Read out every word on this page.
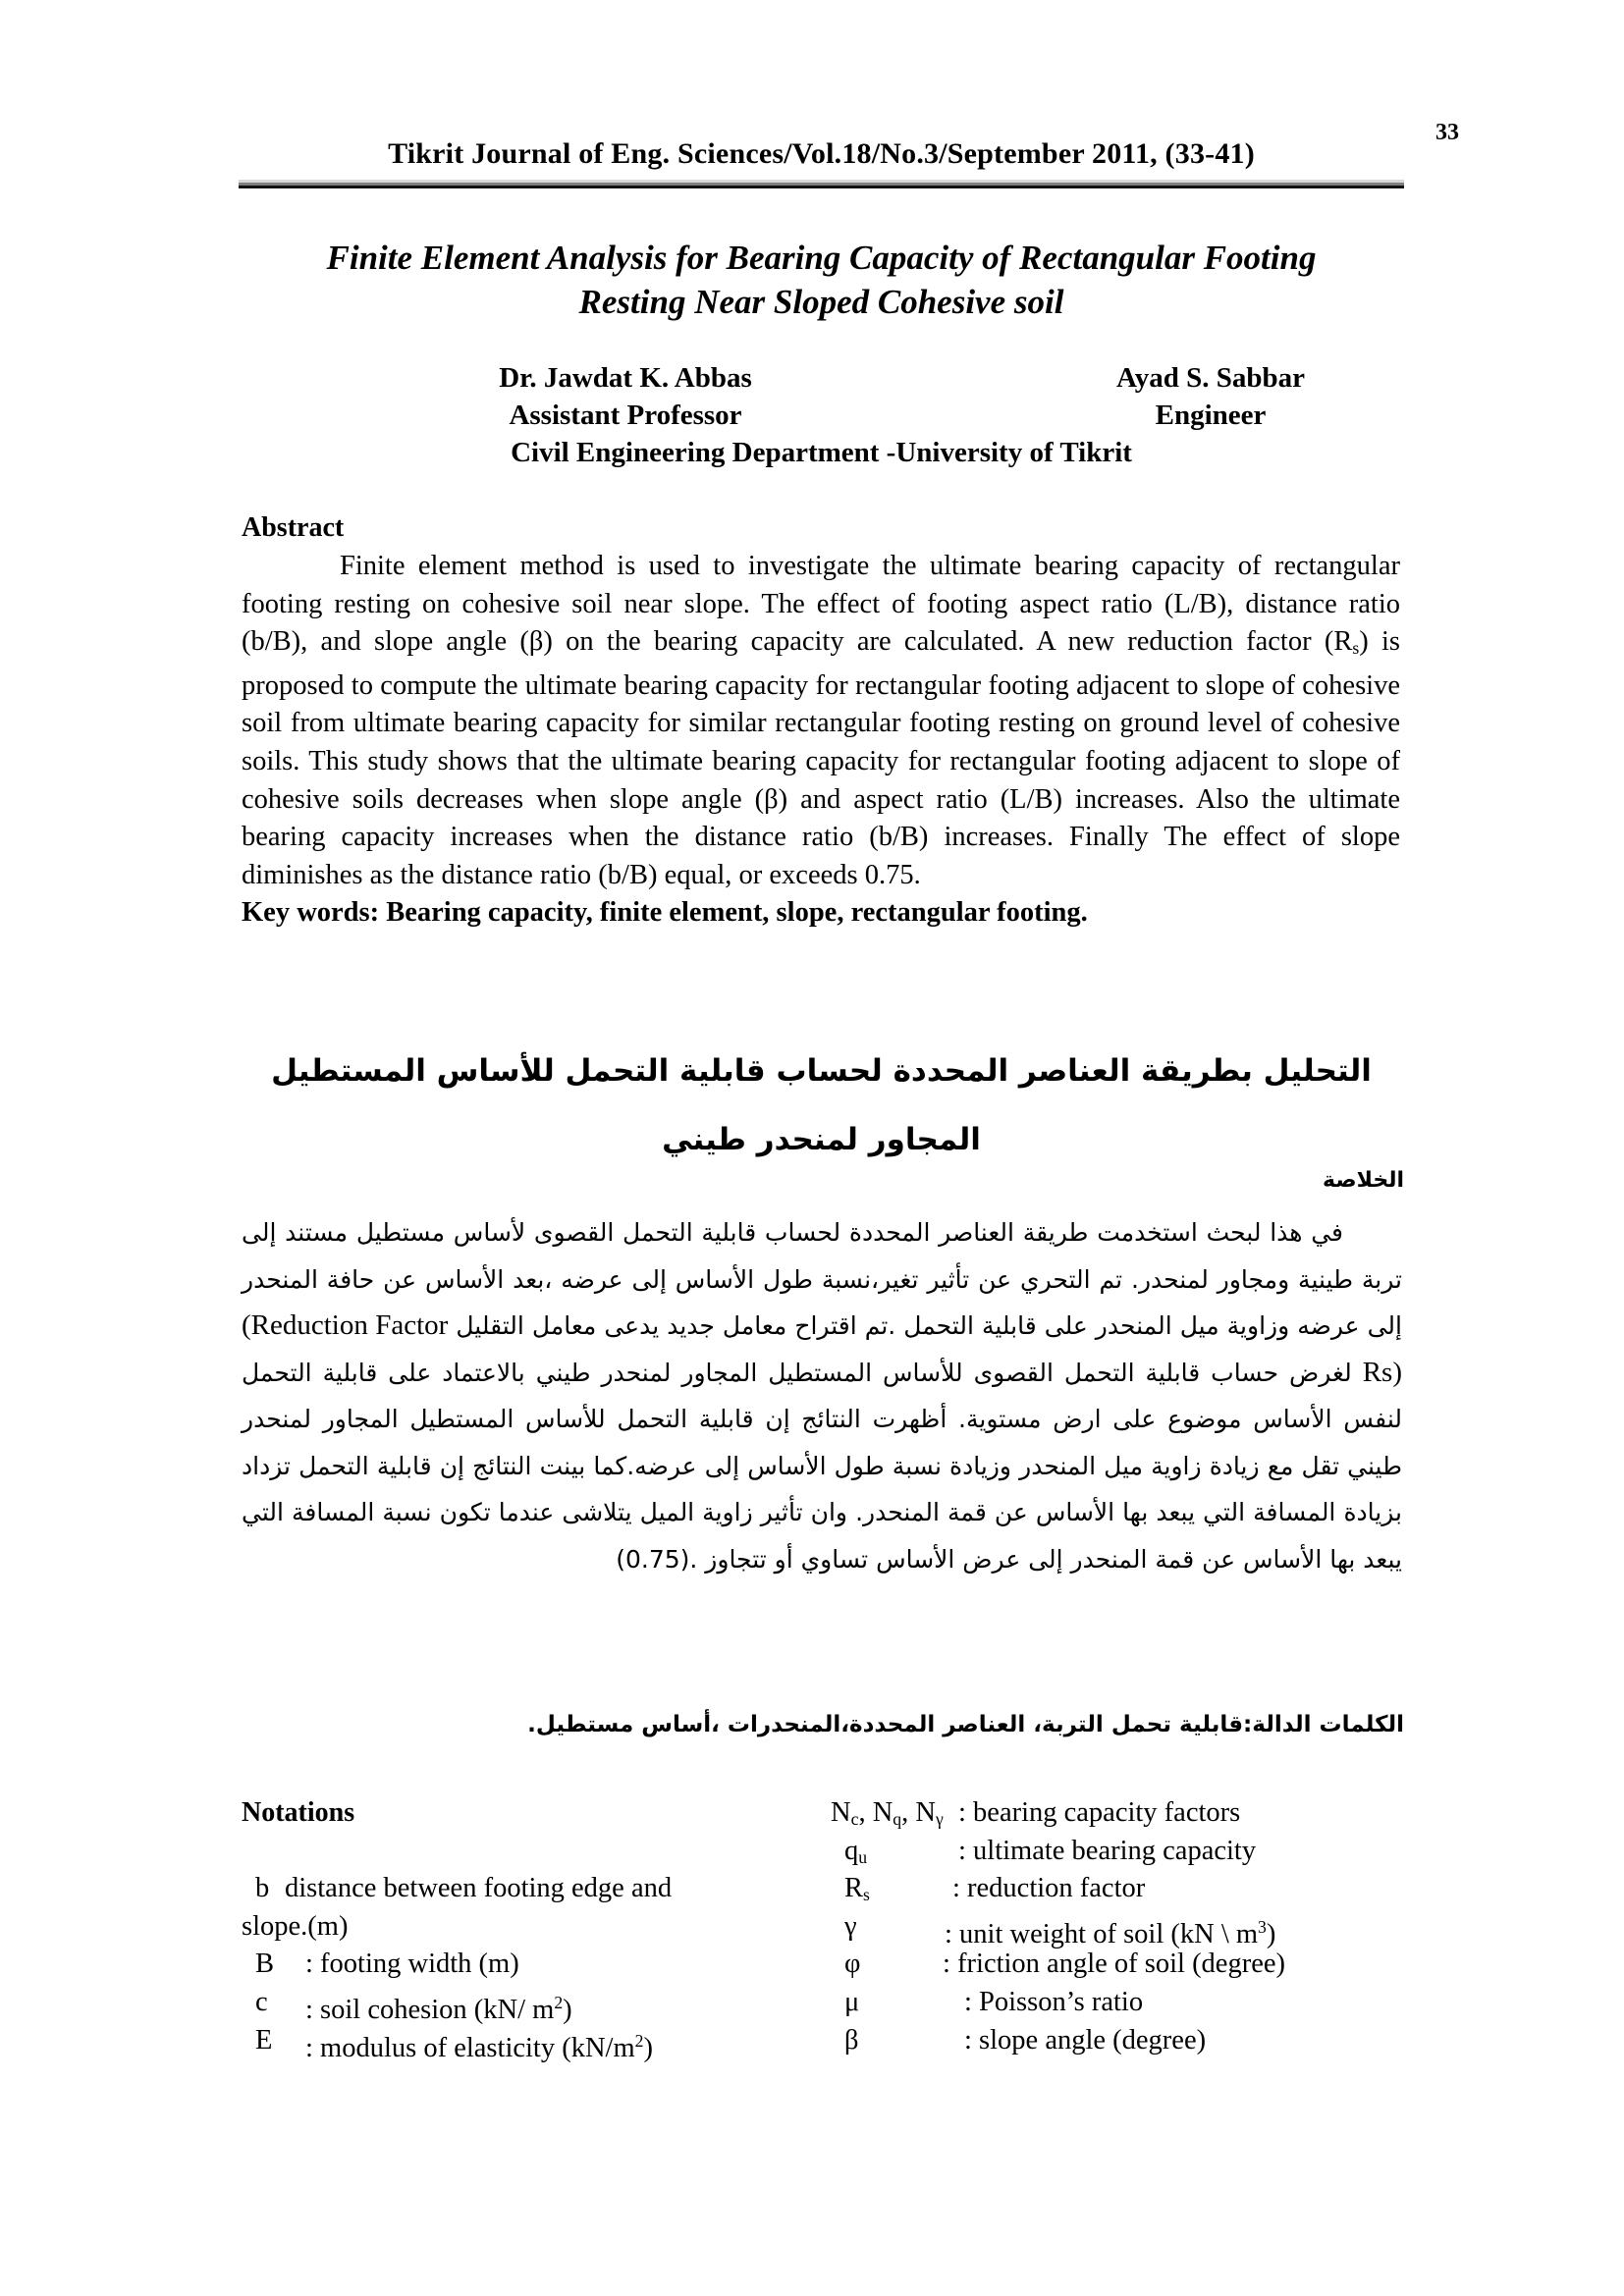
33
Tikrit Journal of Eng. Sciences/Vol.18/No.3/September 2011, (33-41)
Finite Element Analysis for Bearing Capacity of Rectangular Footing
Resting Near Sloped Cohesive soil
Dr. Jawdat K. Abbas	Ayad S. Sabbar
Assistant Professor	Engineer
Civil Engineering Department -University of Tikrit
Abstract

Finite element method is used to investigate the ultimate bearing capacity of rectangular footing resting on cohesive soil near slope. The effect of footing aspect ratio (L/B), distance ratio (b/B), and slope angle (β) on the bearing capacity are calculated. A new reduction factor $(R_s)$ is proposed to compute the ultimate bearing capacity for rectangular footing adjacent to slope of cohesive soil from ultimate bearing capacity for similar rectangular footing resting on ground level of cohesive soils. This study shows that the ultimate bearing capacity for rectangular footing adjacent to slope of cohesive soils decreases when slope angle (β) and aspect ratio (L/B) increases. Also the ultimate bearing capacity increases when the distance ratio (b/B) increases. Finally The effect of slope diminishes as the distance ratio (b/B) equal, or exceeds 0.75.

Key words: Bearing capacity, finite element, slope, rectangular footing.
التحليل بطريقة العناصر المحددة لحساب قابلية التحمل للأساس المستطيل
المجاور لمنحدر طيني
الخلاصة

في هذا لبحث استخدمت طريقة العناصر المحددة لحساب قابلية التحمل القصوى لأساس مستطيل مستند إلى تربة طينية ومجاور لمنحدر. تم التحري عن تأثير تغير،نسبة طول الأساس إلى عرضه ،بعد الأساس عن حافة المنحدر إلى عرضه وزاوية ميل المنحدر على قابلية التحمل .تم اقتراح معامل جديد يدعى معامل التقليل (Reduction Factor Rs) لغرض حساب قابلية التحمل القصوى للأساس المستطيل المجاور لمنحدر طيني بالاعتماد على قابلية التحمل لنفس الأساس موضوع على ارض مستوية. أظهرت النتائج إن قابلية التحمل للأساس المستطيل المجاور لمنحدر طيني تقل مع زيادة زاوية ميل المنحدر وزيادة نسبة طول الأساس إلى عرضه.كما بينت النتائج إن قابلية التحمل تزداد بزيادة المسافة التي يبعد بها الأساس عن قمة المنحدر. وان تأثير زاوية الميل يتلاشى عندما تكون نسبة المسافة التي يبعد بها الأساس عن قمة المنحدر إلى عرض الأساس تساوي أو تتجاوز .(0.75)

الكلمات الدالة:قابلية تحمل التربة، العناصر المحددة،المنحدرات ،أساس مستطيل.
Notations
b distance between footing edge and
slope.(m)
B : footing width (m)
c : soil cohesion (kN/ $m^2$)
E : modulus of elasticity $(kN/m^2)$
$N_c$, $N_q$, $N_\gamma$ : bearing capacity factors
$q_u$	: ultimate bearing capacity
$R_s$	: reduction factor
γ	: unit weight of soil (kN \ $m^3$)
φ	: friction angle of soil (degree)
μ	: Poisson’s ratio
β	: slope angle (degree)
